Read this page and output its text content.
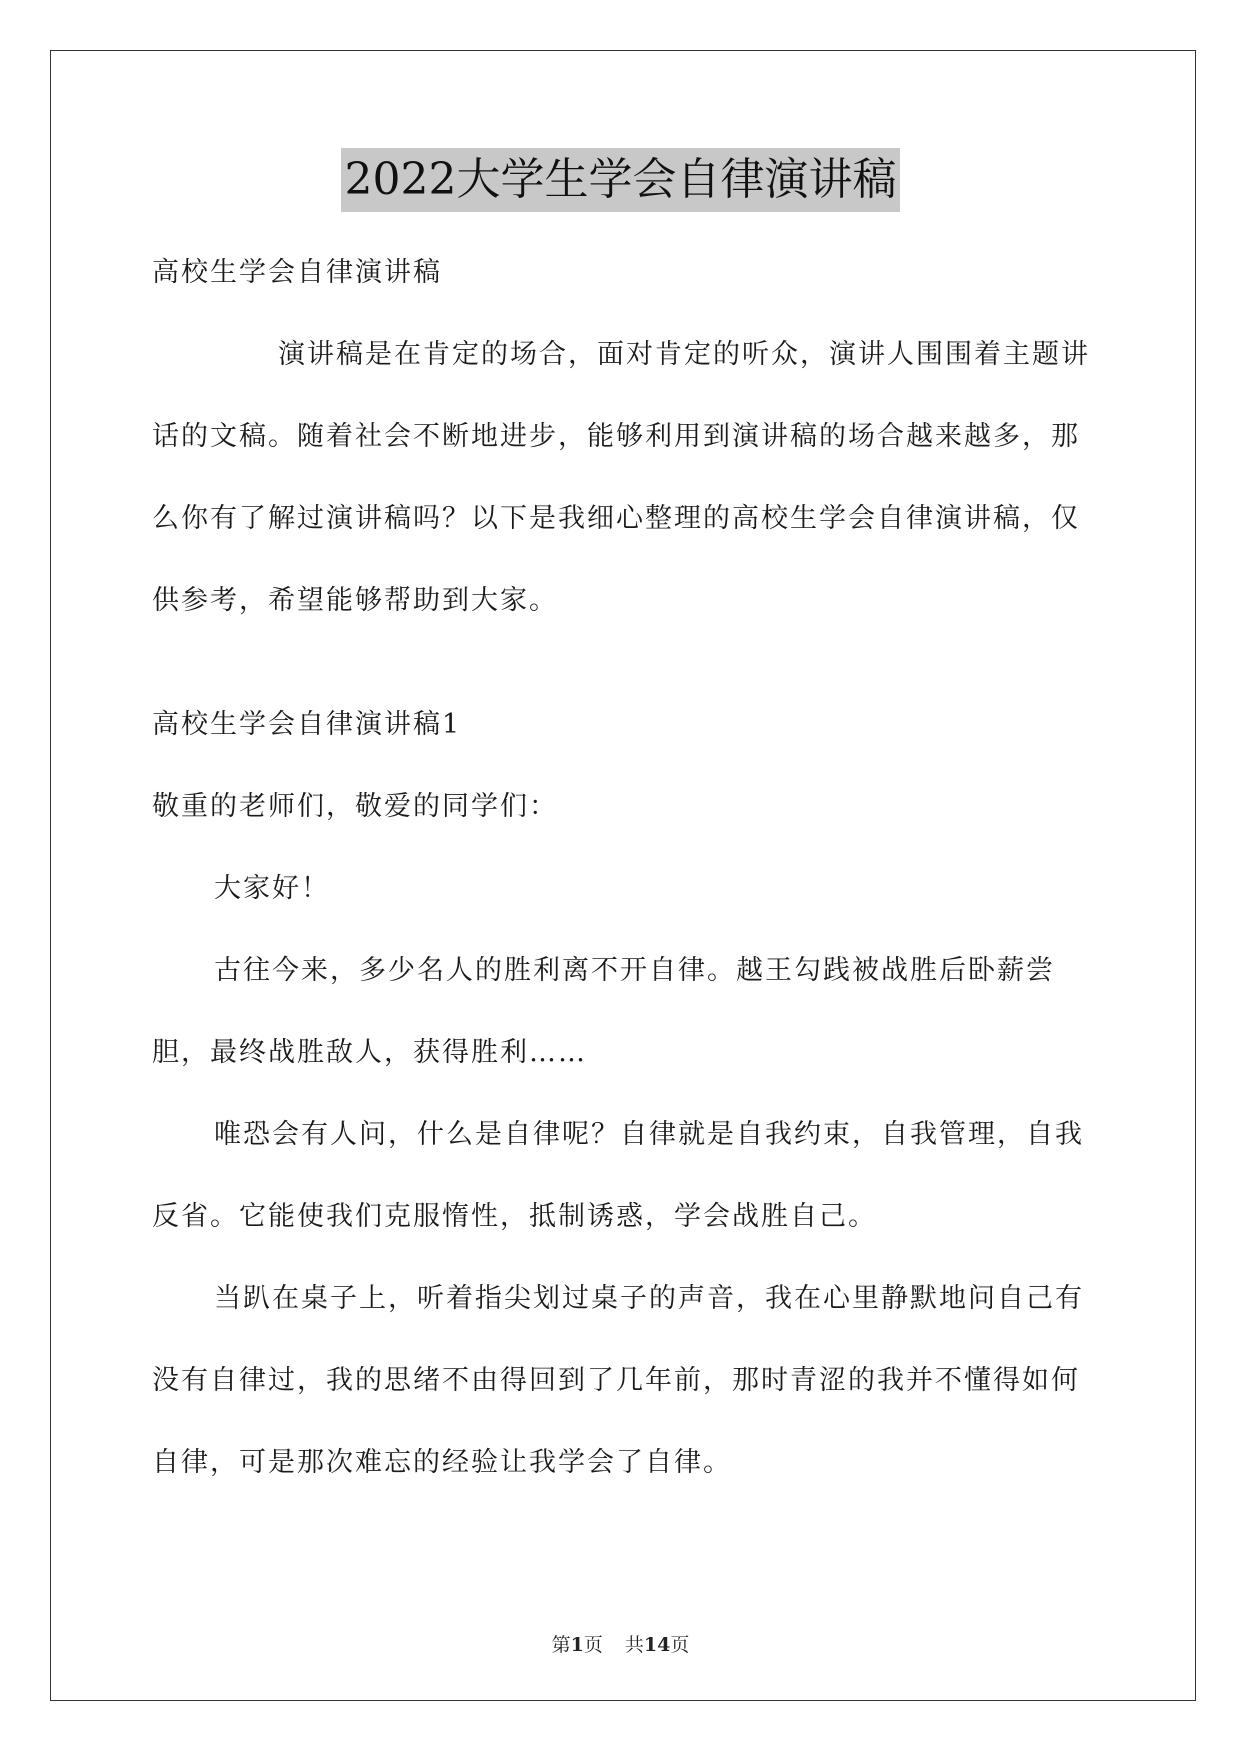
2022大学生学会自律演讲稿

高校生学会自律演讲稿

演讲稿是在肯定的场合，面对肯定的听众，演讲人围围着主题讲话的文稿。随着社会不断地进步，能够利用到演讲稿的场合越来越多，那么你有了解过演讲稿吗？以下是我细心整理的高校生学会自律演讲稿，仅供参考，希望能够帮助到大家。

高校生学会自律演讲稿1

敬重的老师们，敬爱的同学们：

大家好！

古往今来，多少名人的胜利离不开自律。越王勾践被战胜后卧薪尝胆，最终战胜敌人，获得胜利……

唯恐会有人问，什么是自律呢？自律就是自我约束，自我管理，自我反省。它能使我们克服惰性，抵制诱惑，学会战胜自己。

当趴在桌子上，听着指尖划过桌子的声音，我在心里静默地问自己有没有自律过，我的思绪不由得回到了几年前，那时青涩的我并不懂得如何自律，可是那次难忘的经验让我学会了自律。

第1页 共14页
